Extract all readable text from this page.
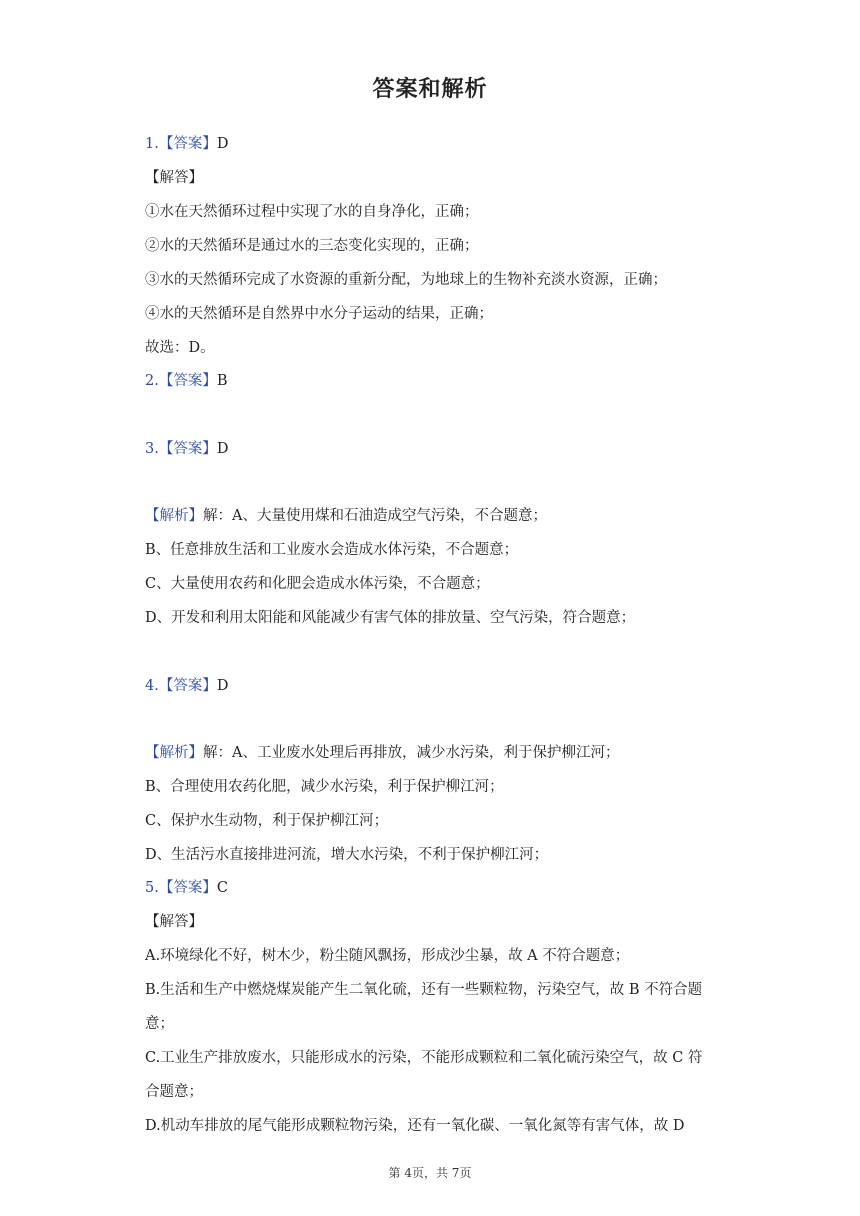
答案和解析
1.【答案】D
【解答】
①水在天然循环过程中实现了水的自身净化，正确；
②水的天然循环是通过水的三态变化实现的，正确；
③水的天然循环完成了水资源的重新分配，为地球上的生物补充淡水资源，正确；
④水的天然循环是自然界中水分子运动的结果，正确；
故选：D。
2.【答案】B
3.【答案】D
【解析】解：A、大量使用煤和石油造成空气污染，不合题意；
B、任意排放生活和工业废水会造成水体污染，不合题意；
C、大量使用农药和化肥会造成水体污染，不合题意；
D、开发和利用太阳能和风能减少有害气体的排放量、空气污染，符合题意；
4.【答案】D
【解析】解：A、工业废水处理后再排放，减少水污染，利于保护柳江河；
B、合理使用农药化肥，减少水污染，利于保护柳江河；
C、保护水生动物，利于保护柳江河；
D、生活污水直接排进河流，增大水污染，不利于保护柳江河；
5.【答案】C
【解答】
A.环境绿化不好，树木少，粉尘随风飘扬，形成沙尘暴，故 A 不符合题意；
B.生活和生产中燃烧煤炭能产生二氧化硫，还有一些颗粒物，污染空气，故 B 不符合题
意；
C.工业生产排放废水，只能形成水的污染，不能形成颗粒和二氧化硫污染空气，故 C 符
合题意；
D.机动车排放的尾气能形成颗粒物污染，还有一氧化碳、一氧化氮等有害气体，故 D
第 4页，共 7页
